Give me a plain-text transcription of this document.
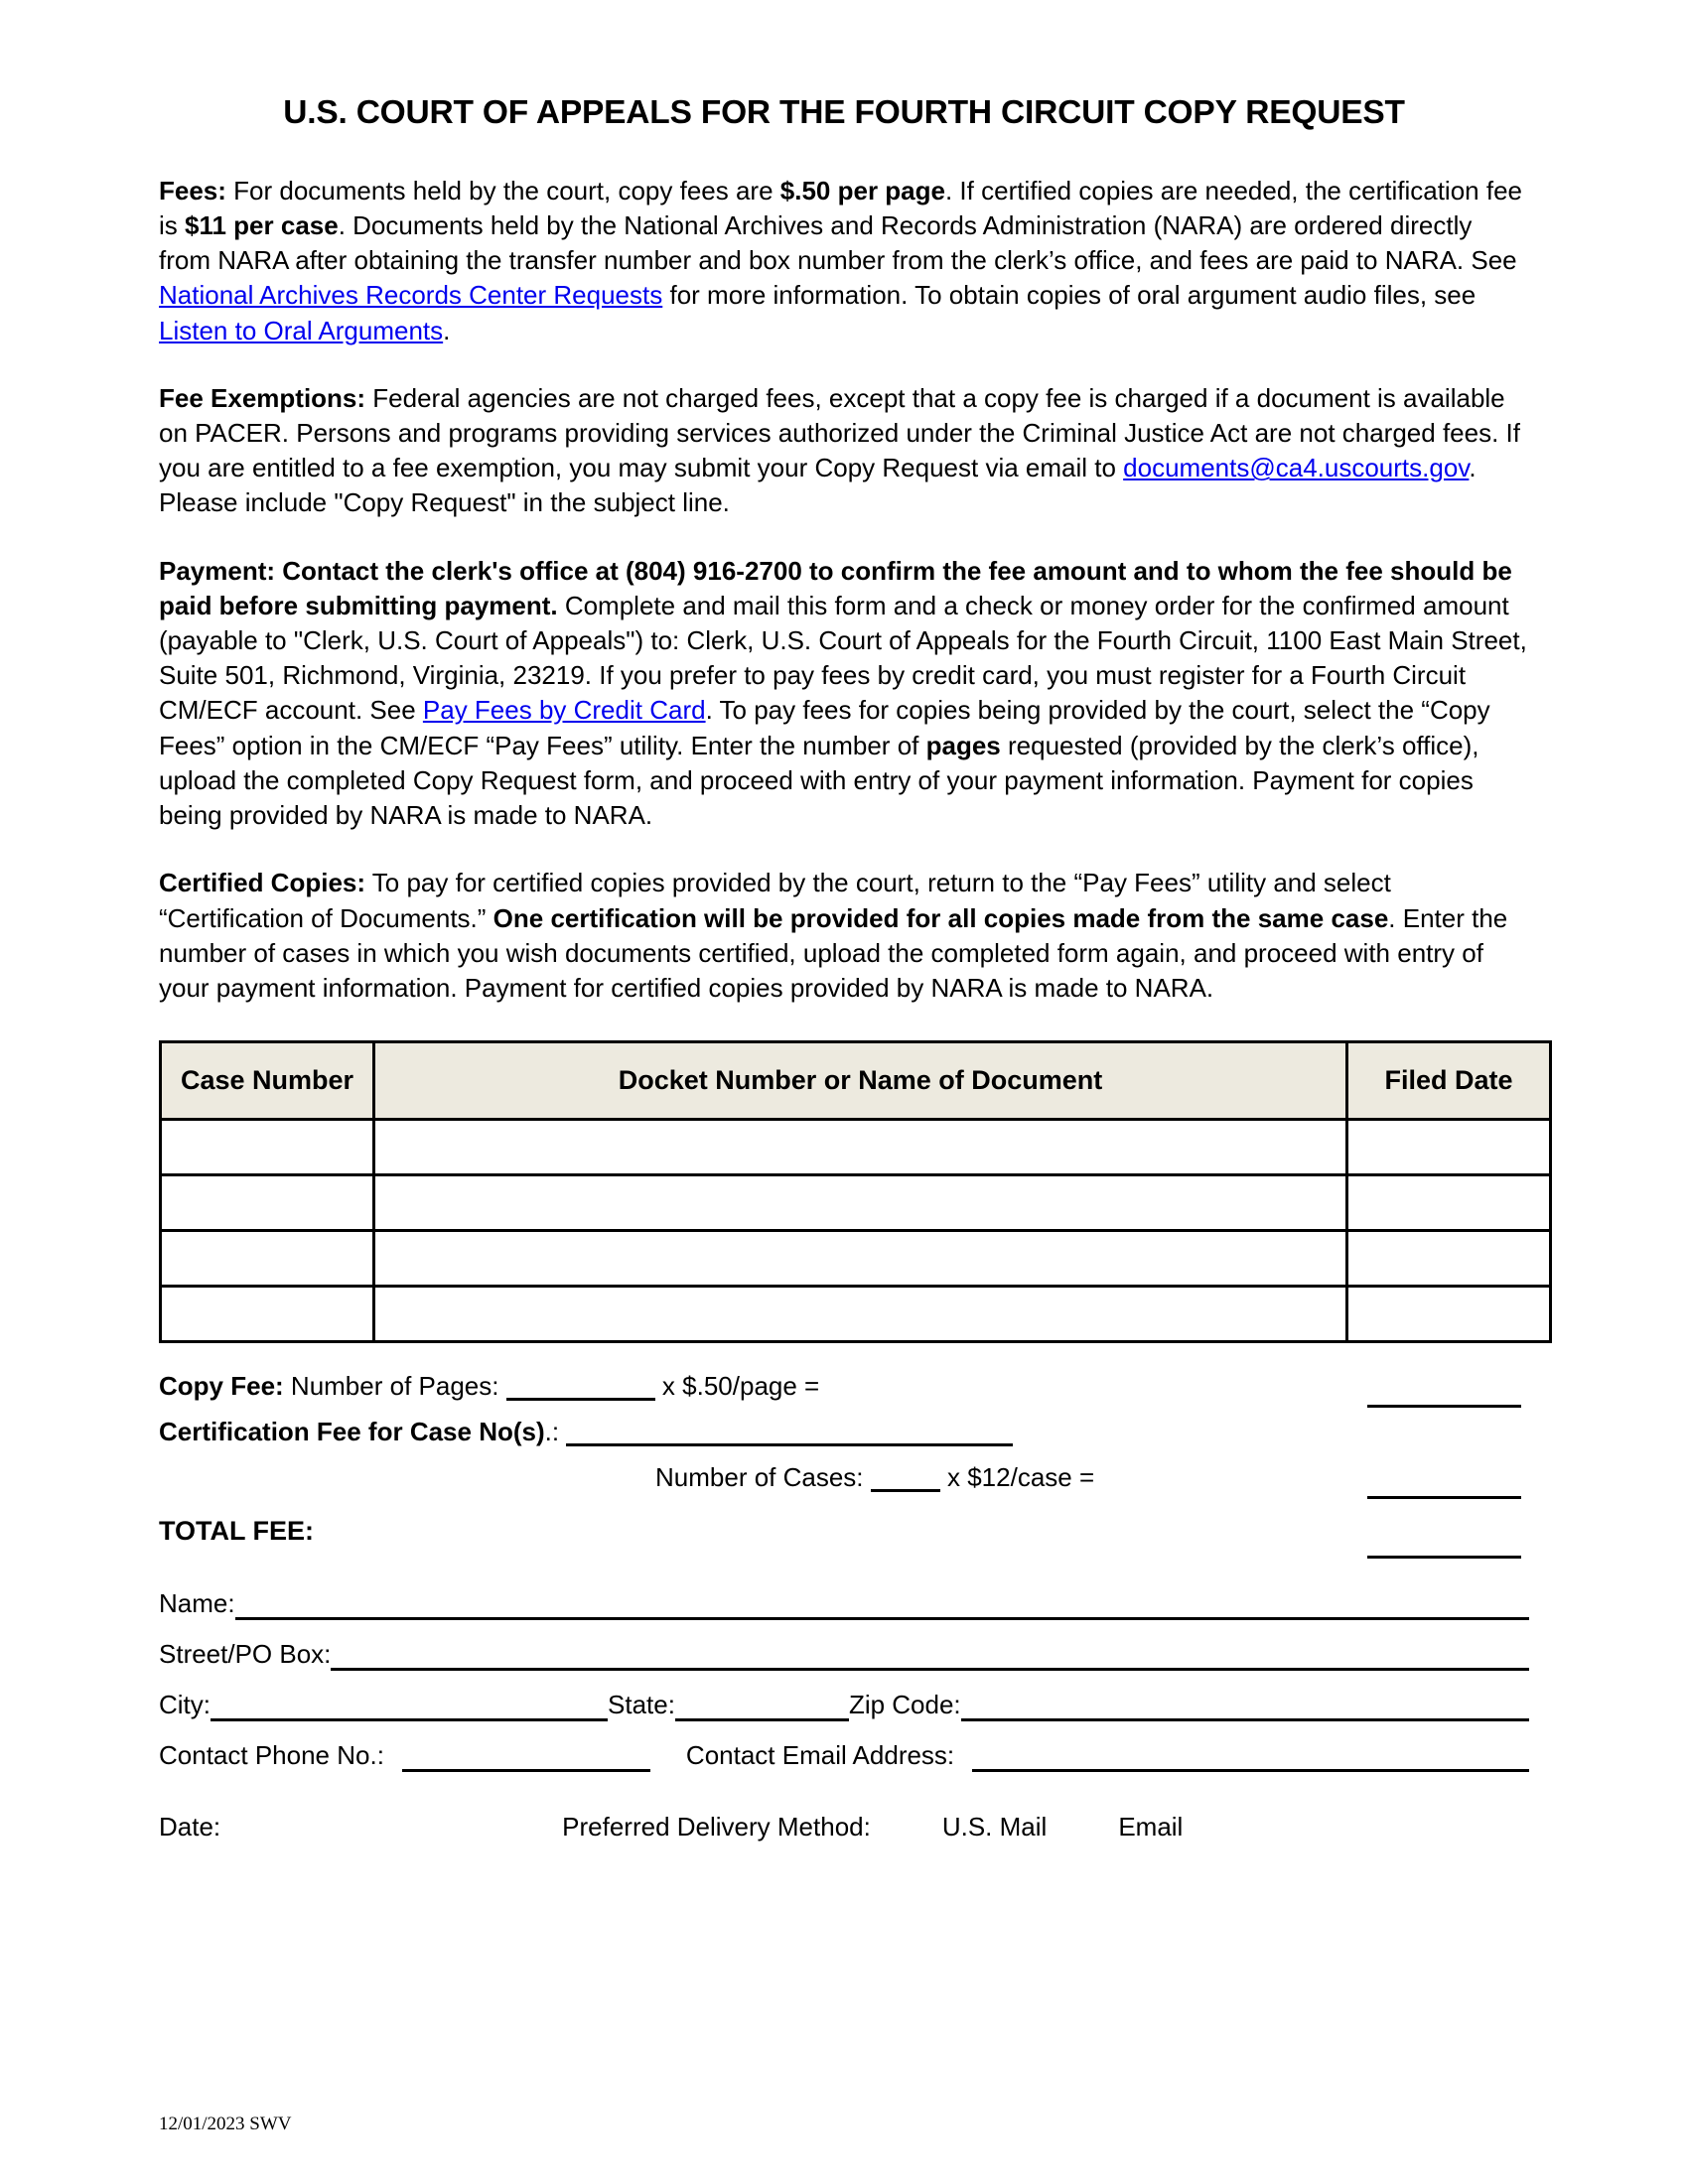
U.S. COURT OF APPEALS FOR THE FOURTH CIRCUIT COPY REQUEST

Fees: For documents held by the court, copy fees are $.50 per page. If certified copies are needed, the certification fee is $11 per case. Documents held by the National Archives and Records Administration (NARA) are ordered directly from NARA after obtaining the transfer number and box number from the clerk’s office, and fees are paid to NARA. See National Archives Records Center Requests for more information. To obtain copies of oral argument audio files, see Listen to Oral Arguments.

Fee Exemptions: Federal agencies are not charged fees, except that a copy fee is charged if a document is available on PACER. Persons and programs providing services authorized under the Criminal Justice Act are not charged fees. If you are entitled to a fee exemption, you may submit your Copy Request via email to documents@ca4.uscourts.gov. Please include "Copy Request" in the subject line.

Payment: Contact the clerk's office at (804) 916-2700 to confirm the fee amount and to whom the fee should be paid before submitting payment. Complete and mail this form and a check or money order for the confirmed amount (payable to "Clerk, U.S. Court of Appeals") to: Clerk, U.S. Court of Appeals for the Fourth Circuit, 1100 East Main Street, Suite 501, Richmond, Virginia, 23219. If you prefer to pay fees by credit card, you must register for a Fourth Circuit CM/ECF account. See Pay Fees by Credit Card. To pay fees for copies being provided by the court, select the “Copy Fees” option in the CM/ECF “Pay Fees” utility. Enter the number of pages requested (provided by the clerk’s office), upload the completed Copy Request form, and proceed with entry of your payment information. Payment for copies being provided by NARA is made to NARA.

Certified Copies: To pay for certified copies provided by the court, return to the “Pay Fees” utility and select “Certification of Documents.” One certification will be provided for all copies made from the same case. Enter the number of cases in which you wish documents certified, upload the completed form again, and proceed with entry of your payment information. Payment for certified copies provided by NARA is made to NARA.

Case Number	Docket Number or Name of Document	Filed Date

Copy Fee: Number of Pages:	x $.50/page =
Certification Fee for Case No(s).:
Number of Cases:	x $12/case =
TOTAL FEE:
Name:
Street/PO Box:
City:	State:	Zip Code:
Contact Phone No.:	Contact Email Address:
Date:	Preferred Delivery Method:	U.S. Mail	Email
12/01/2023 SWV
